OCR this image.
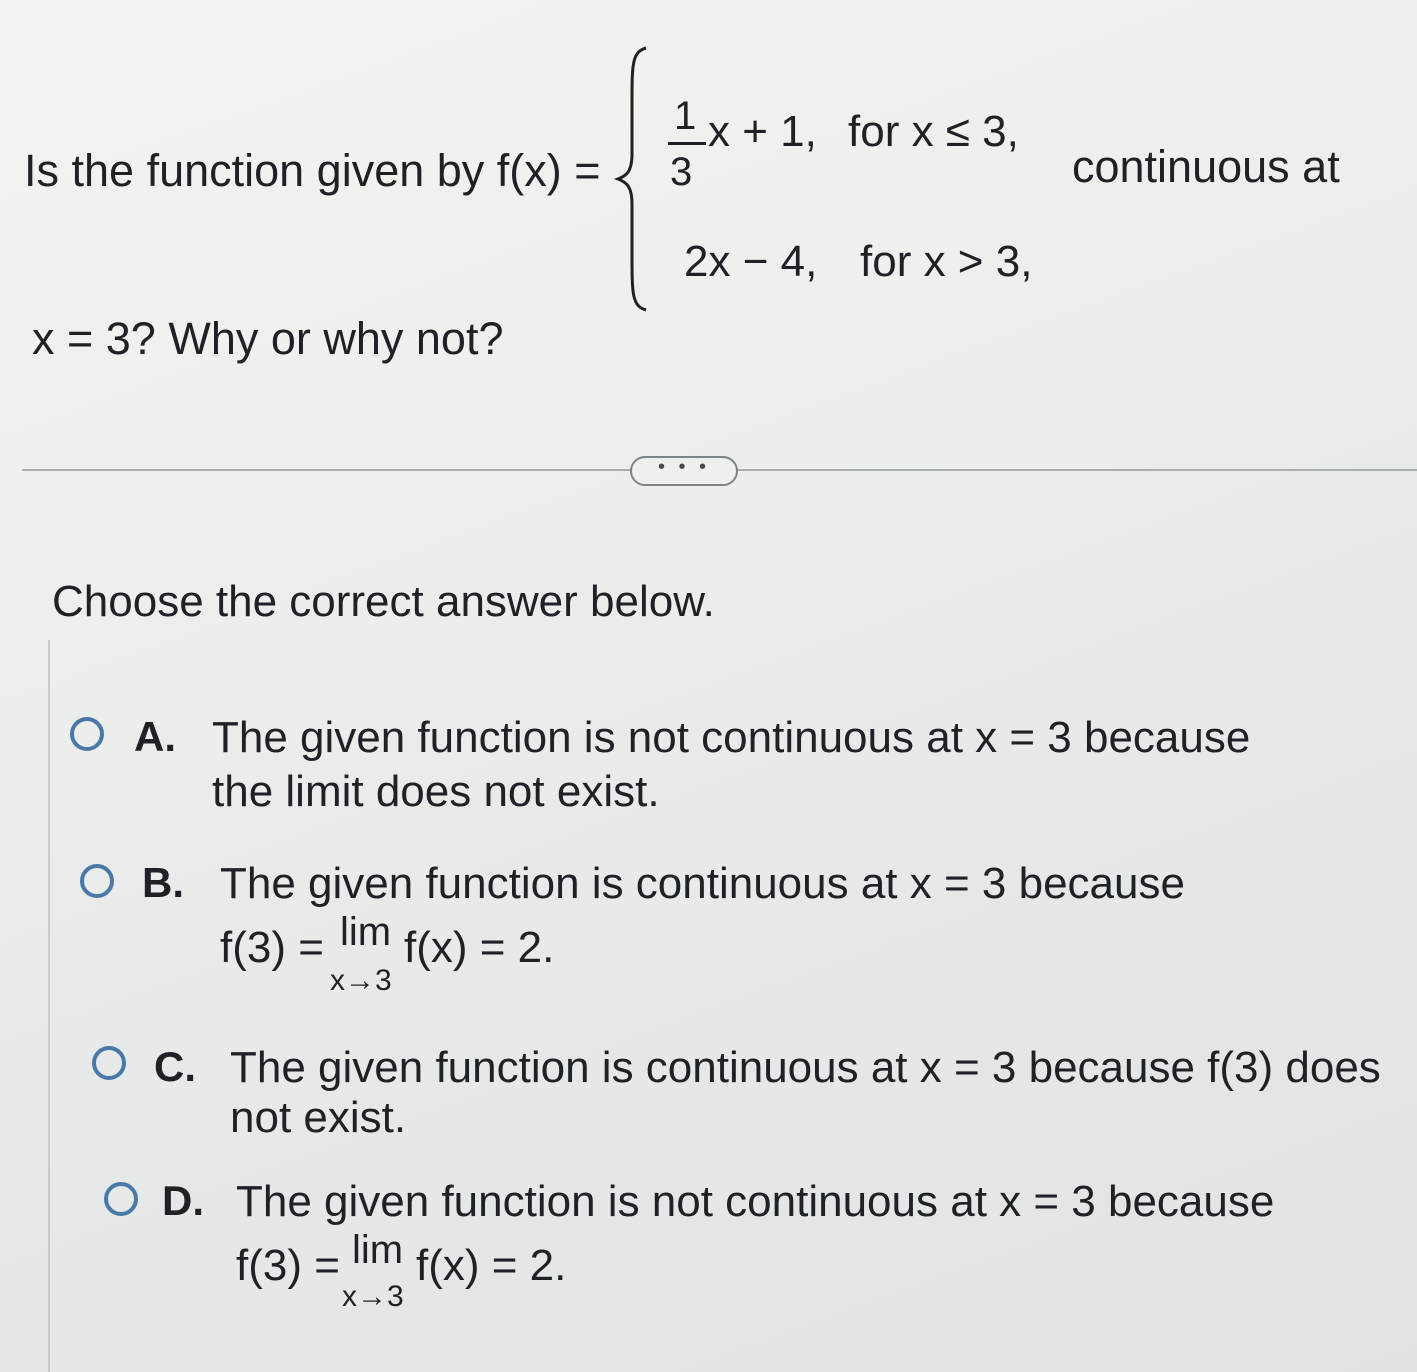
Is the function given by f(x) =
1
3
x + 1, for x ≤ 3,
2x − 4, for x > 3,
continuous at
x = 3? Why or why not?
• • •
Choose the correct answer below.
A. The given function is not continuous at x = 3 because
the limit does not exist.
B. The given function is continuous at x = 3 because
f(3) = lim
x→3
f(x) = 2.
C. The given function is continuous at x = 3 because f(3) does
not exist.
D. The given function is not continuous at x = 3 because
f(3) = lim
x→3
f(x) = 2.
